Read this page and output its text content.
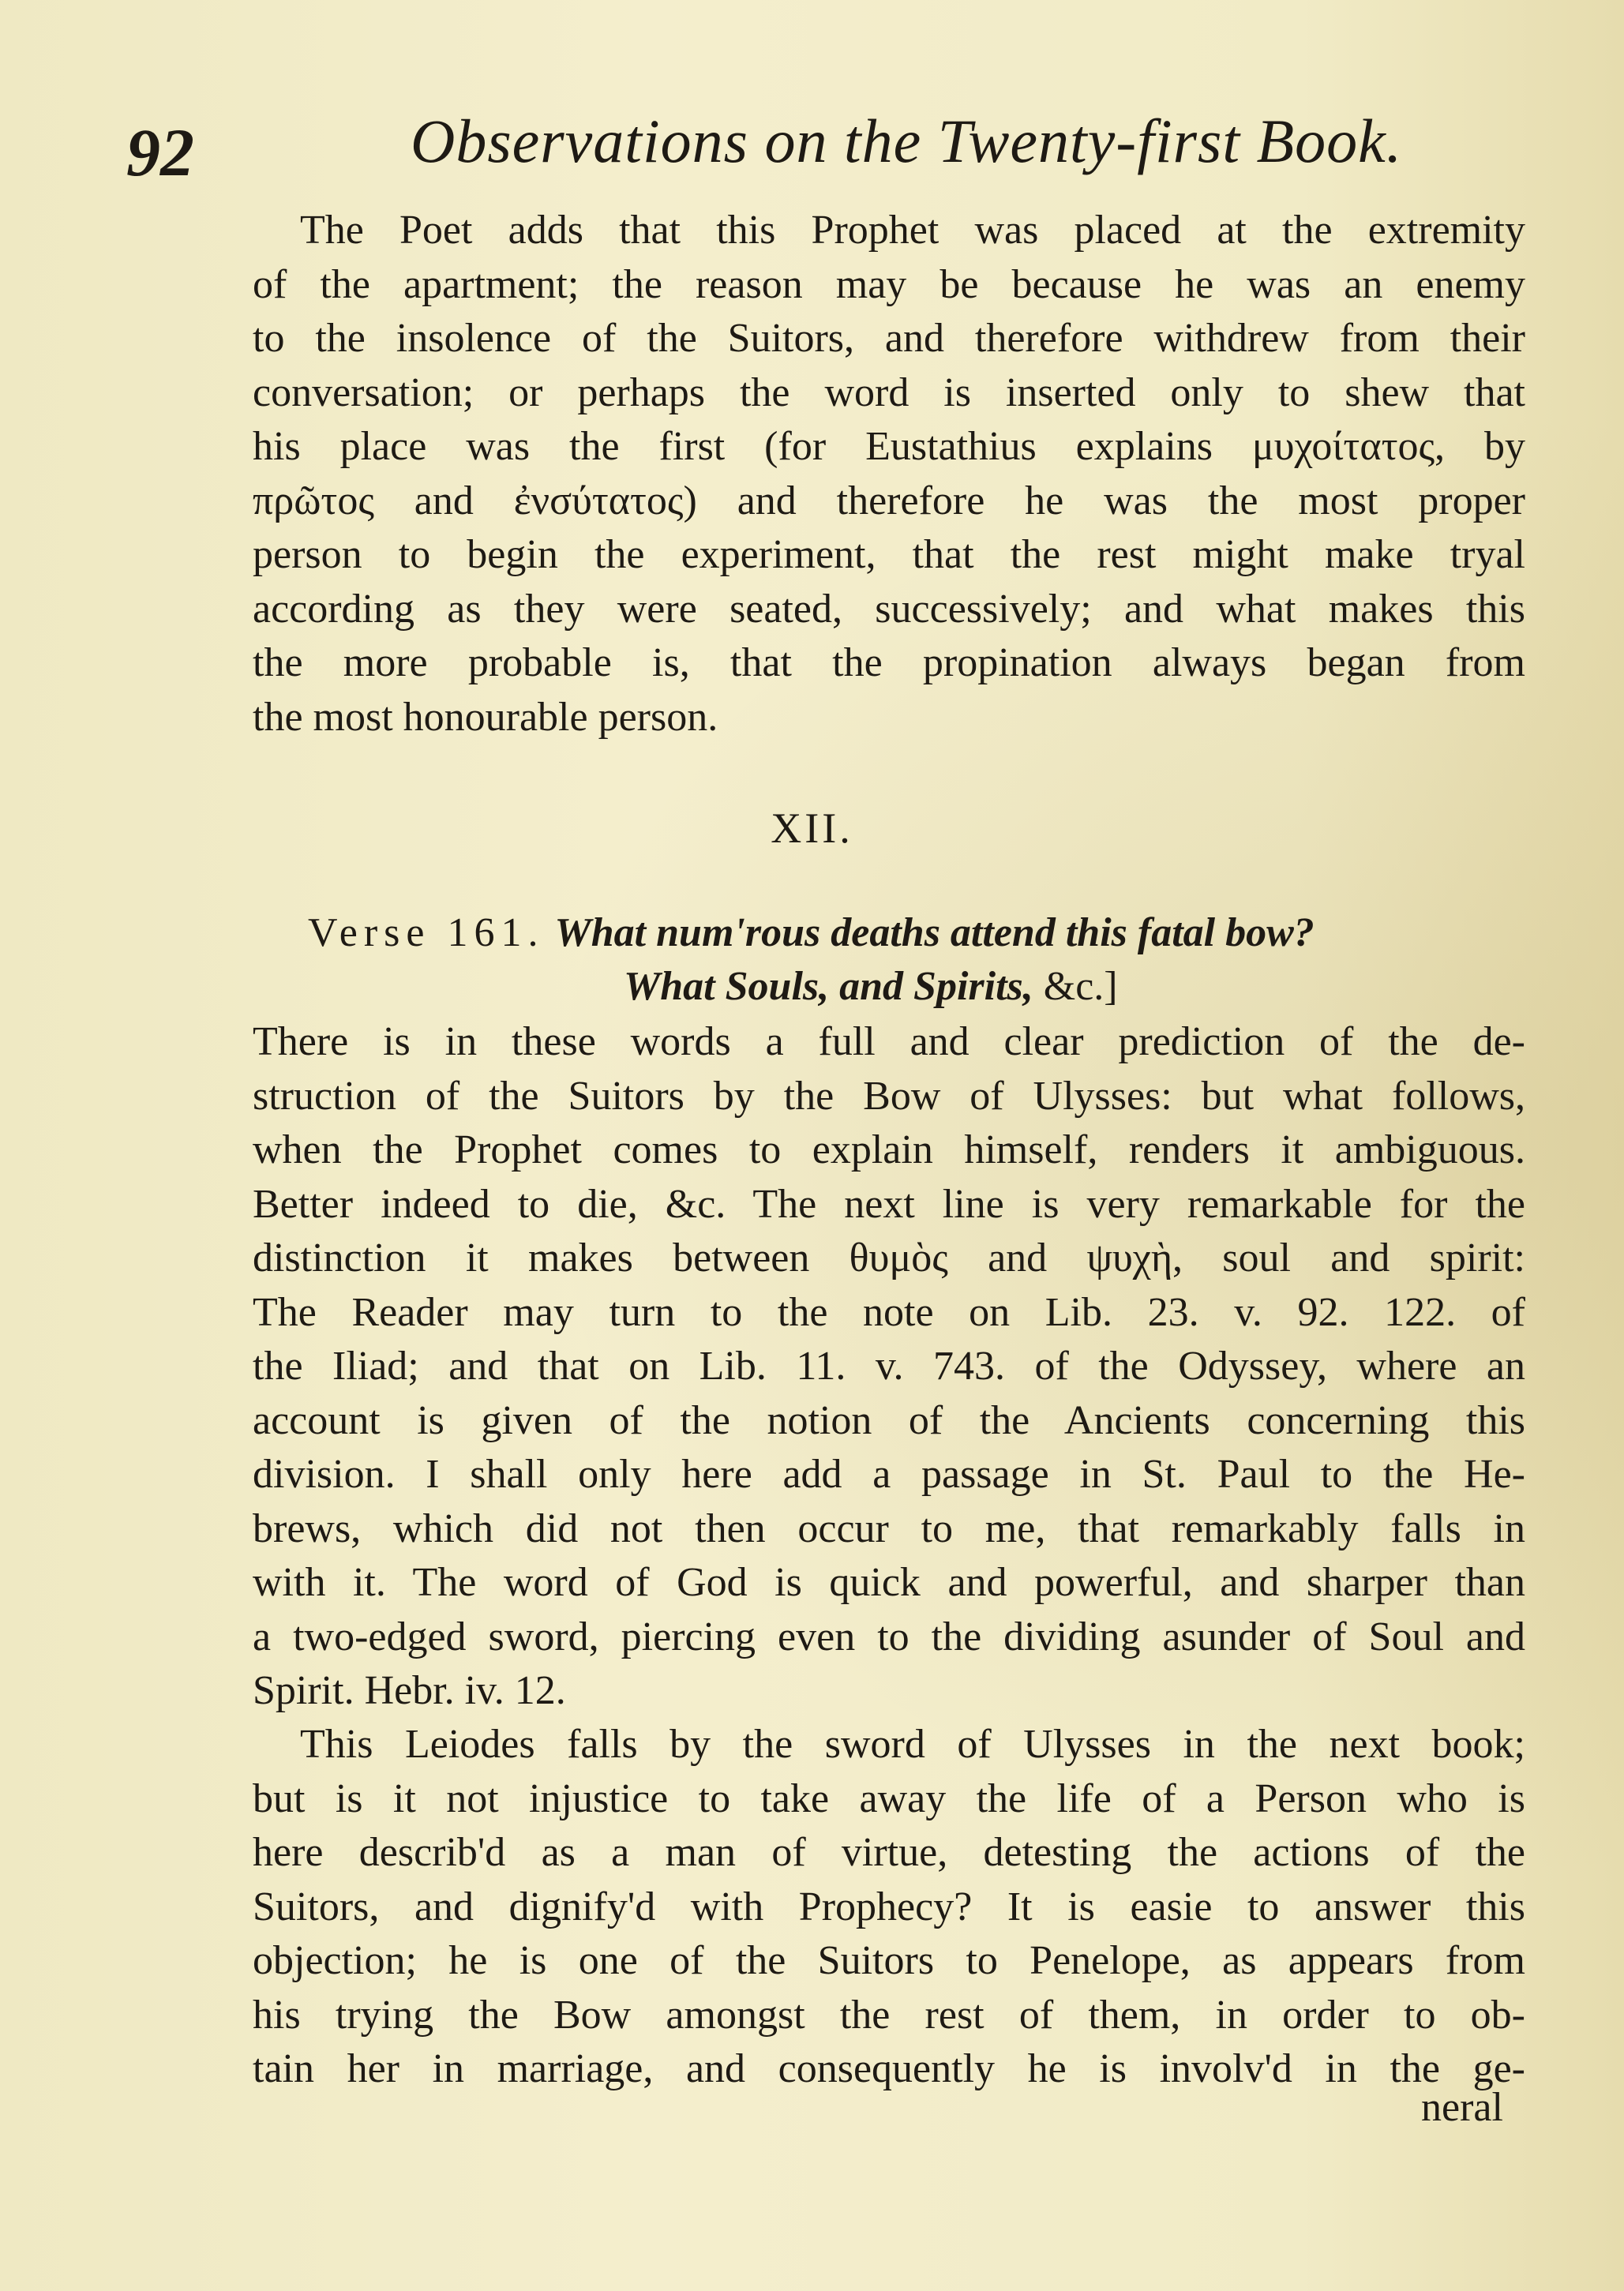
92	Observations on the Twenty-first Book.
The Poet adds that this Prophet was placed at the extremity
of the apartment; the reason may be because he was an enemy
to the insolence of the Suitors, and therefore withdrew from their
conversation; or perhaps the word is inserted only to shew that
his place was the first (for Eustathius explains μυχοίτατος, by
πρῶτος and ἐνσύτατος) and therefore he was the most proper
person to begin the experiment, that the rest might make tryal
according as they were seated, successively; and what makes this
the more probable is, that the propination always began from
the most honourable person.
XII.
Verse 161. What num'rous deaths attend this fatal bow?
What Souls, and Spirits, &c.]
There is in these words a full and clear prediction of the de-
struction of the Suitors by the Bow of Ulysses: but what follows,
when the Prophet comes to explain himself, renders it ambiguous.
Better indeed to die, &c. The next line is very remarkable for the
distinction it makes between θυμὸς and ψυχὴ, soul and spirit:
The Reader may turn to the note on Lib. 23. v. 92. 122. of
the Iliad; and that on Lib. 11. v. 743. of the Odyssey, where an
account is given of the notion of the Ancients concerning this
division. I shall only here add a passage in St. Paul to the He-
brews, which did not then occur to me, that remarkably falls in
with it. The word of God is quick and powerful, and sharper than
a two-edged sword, piercing even to the dividing asunder of Soul and
Spirit. Hebr. iv. 12.
This Leiodes falls by the sword of Ulysses in the next book;
but is it not injustice to take away the life of a Person who is
here describ'd as a man of virtue, detesting the actions of the
Suitors, and dignify'd with Prophecy? It is easie to answer this
objection; he is one of the Suitors to Penelope, as appears from
his trying the Bow amongst the rest of them, in order to ob-
tain her in marriage, and consequently he is involv'd in the ge-
neral
